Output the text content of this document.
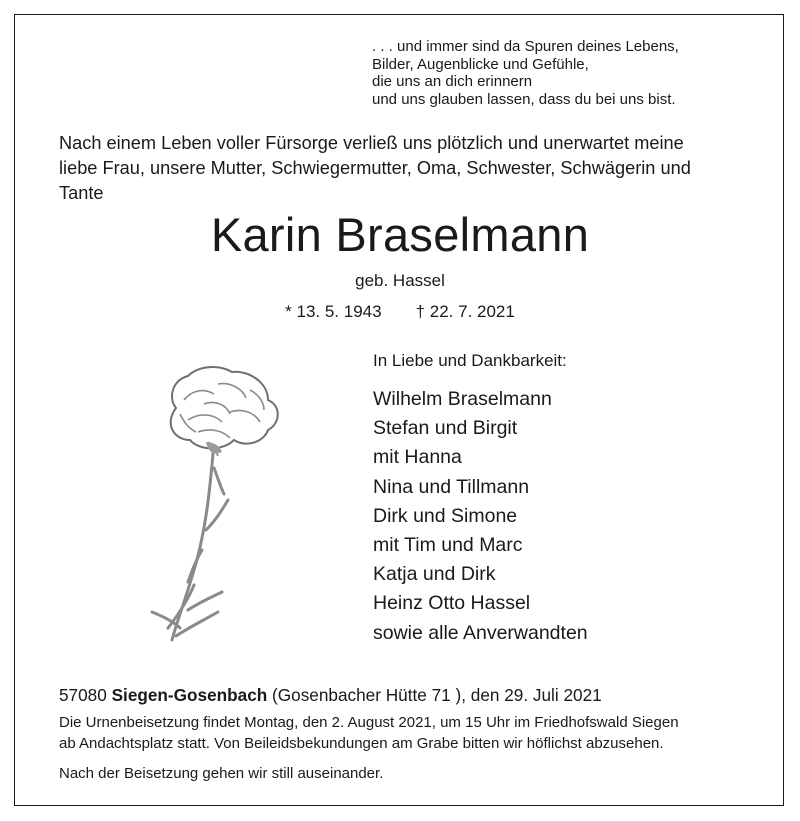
. . . und immer sind da Spuren deines Lebens,
Bilder, Augenblicke und Gefühle,
die uns an dich erinnern
und uns glauben lassen, dass du bei uns bist.
Nach einem Leben voller Fürsorge verließ uns plötzlich und unerwartet meine
liebe Frau, unsere Mutter, Schwiegermutter, Oma, Schwester, Schwägerin und
Tante
Karin Braselmann
geb. Hassel
* 13. 5. 1943 † 22. 7. 2021
In Liebe und Dankbarkeit:
Wilhelm Braselmann
Stefan und Birgit
mit Hanna
Nina und Tillmann
Dirk und Simone
mit Tim und Marc
Katja und Dirk
Heinz Otto Hassel
sowie alle Anverwandten
57080 Siegen-Gosenbach (Gosenbacher Hütte 71 ), den 29. Juli 2021
Die Urnenbeisetzung findet Montag, den 2. August 2021, um 15 Uhr im Friedhofswald Siegen
ab Andachtsplatz statt. Von Beileidsbekundungen am Grabe bitten wir höflichst abzusehen.
Nach der Beisetzung gehen wir still auseinander.
